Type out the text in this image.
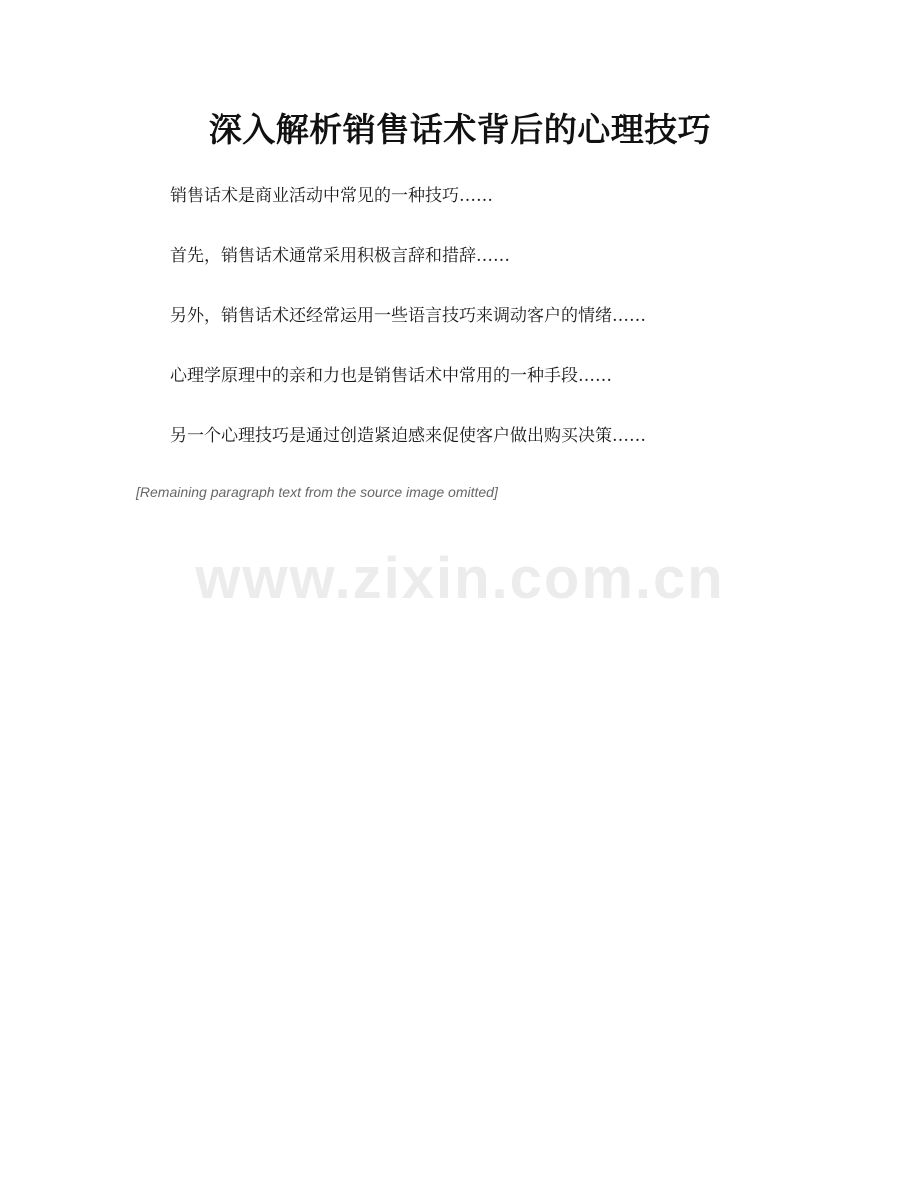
深入解析销售话术背后的心理技巧

销售话术是商业活动中常见的一种技巧……

首先，销售话术通常采用积极言辞和措辞……

另外，销售话术还经常运用一些语言技巧来调动客户的情绪……

心理学原理中的亲和力也是销售话术中常用的一种手段……

另一个心理技巧是通过创造紧迫感来促使客户做出购买决策……

[Remaining paragraph text from the source image omitted]

www.zixin.com.cn
